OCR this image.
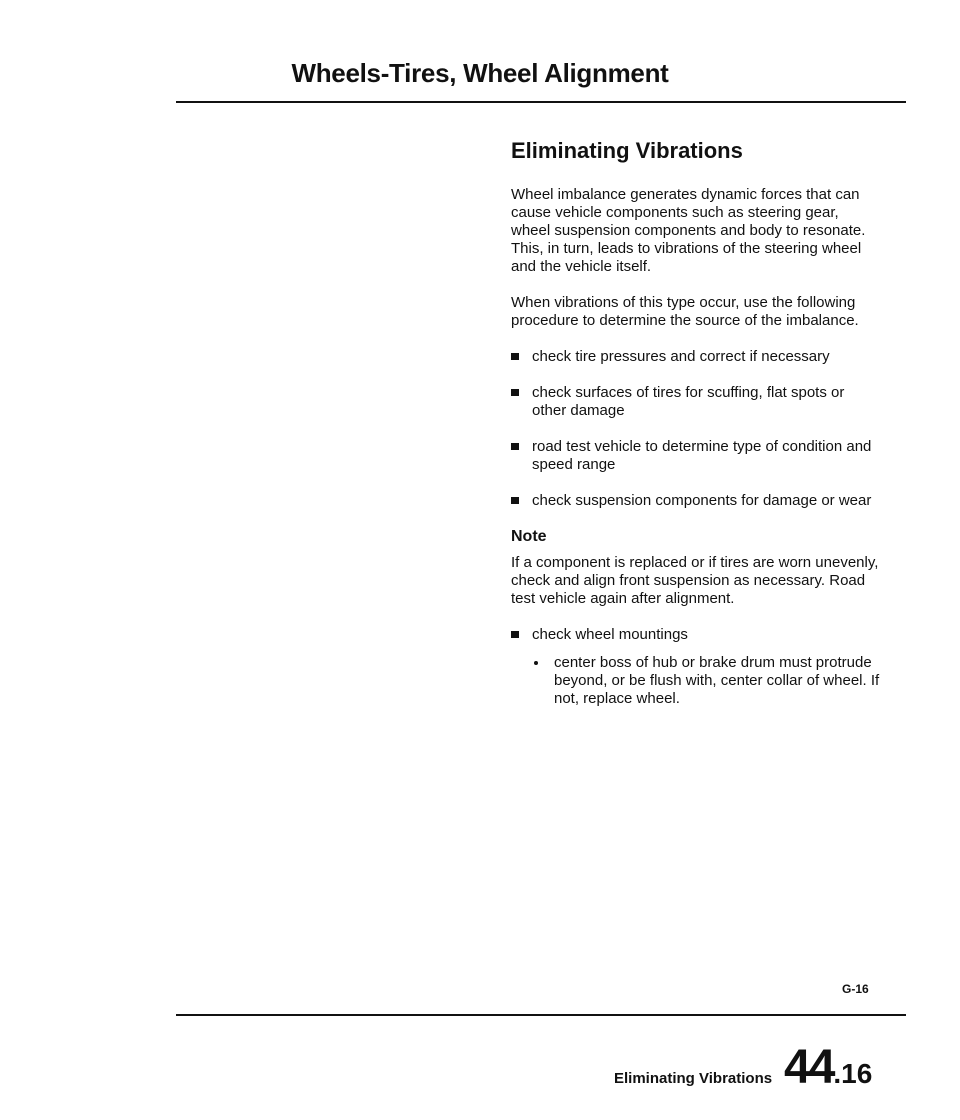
Wheels-Tires, Wheel Alignment
Eliminating Vibrations

Wheel imbalance generates dynamic forces that can cause vehicle components such as steering gear, wheel suspension components and body to resonate. This, in turn, leads to vibrations of the steering wheel and the vehicle itself.

When vibrations of this type occur, use the following procedure to determine the source of the imbalance.

check tire pressures and correct if necessary
check surfaces of tires for scuffing, flat spots or other damage
road test vehicle to determine type of condition and speed range
check suspension components for damage or wear
Note

If a component is replaced or if tires are worn unevenly, check and align front suspension as necessary. Road test vehicle again after alignment.

check wheel mountings
center boss of hub or brake drum must protrude beyond, or be flush with, center collar of wheel. If not, replace wheel.
G-16
Eliminating Vibrations 44.16
